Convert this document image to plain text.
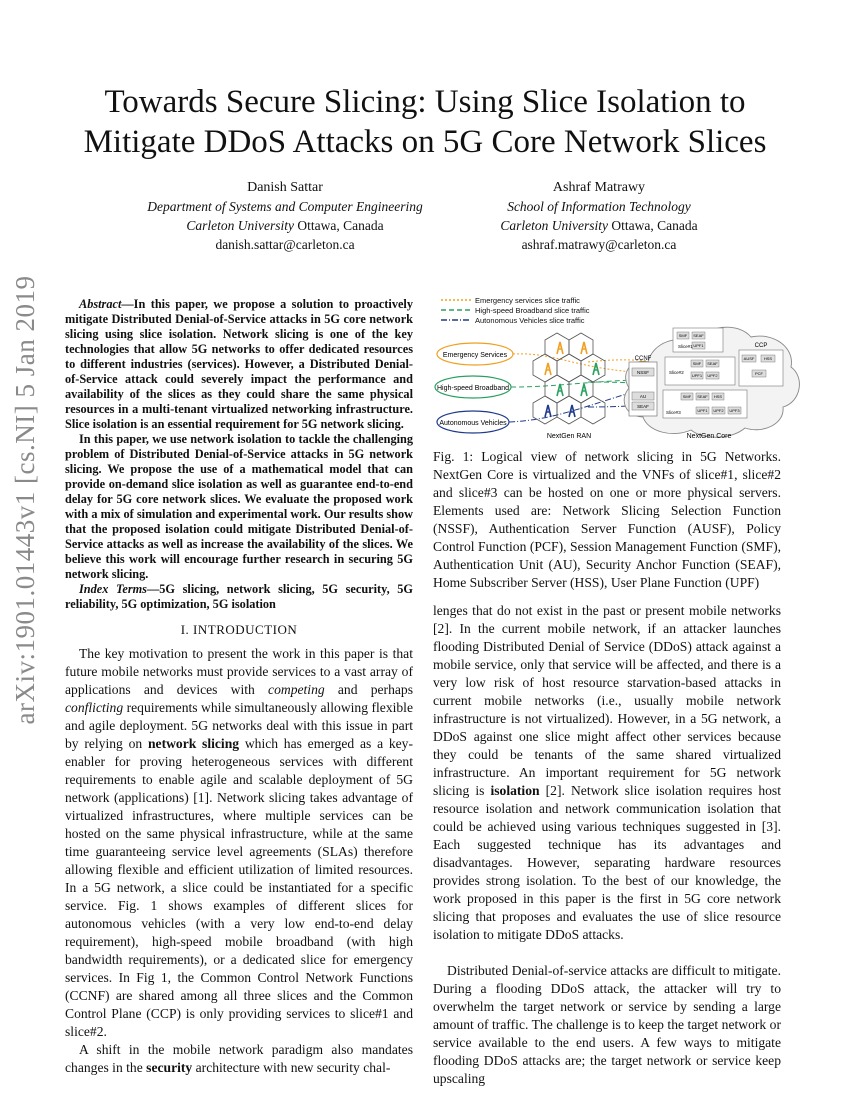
arXiv:1901.01443v1 [cs.NI] 5 Jan 2019
Towards Secure Slicing: Using Slice Isolation to
Mitigate DDoS Attacks on 5G Core Network Slices
Danish Sattar
Department of Systems and Computer Engineering
Carleton University Ottawa, Canada
danish.sattar@carleton.ca
Ashraf Matrawy
School of Information Technology
Carleton University Ottawa, Canada
ashraf.matrawy@carleton.ca

Abstract—In this paper, we propose a solution to proactively mitigate Distributed Denial-of-Service attacks in 5G core network slicing using slice isolation. Network slicing is one of the key technologies that allow 5G networks to offer dedicated resources to different industries (services). However, a Distributed Denial-of-Service attack could severely impact the performance and availability of the slices as they could share the same physical resources in a multi-tenant virtualized networking infrastructure. Slice isolation is an essential requirement for 5G network slicing.

In this paper, we use network isolation to tackle the challenging problem of Distributed Denial-of-Service attacks in 5G network slicing. We propose the use of a mathematical model that can provide on-demand slice isolation as well as guarantee end-to-end delay for 5G core network slices. We evaluate the proposed work with a mix of simulation and experimental work. Our results show that the proposed isolation could mitigate Distributed Denial-of-Service attacks as well as increase the availability of the slices. We believe this work will encourage further research in securing 5G network slicing.

Index Terms—5G slicing, network slicing, 5G security, 5G reliability, 5G optimization, 5G isolation

I. INTRODUCTION

The key motivation to present the work in this paper is that future mobile networks must provide services to a vast array of applications and devices with competing and perhaps conflicting requirements while simultaneously allowing flexible and agile deployment. 5G networks deal with this issue in part by relying on network slicing which has emerged as a key-enabler for proving heterogeneous services with different requirements to enable agile and scalable deployment of 5G network (applications) [1]. Network slicing takes advantage of virtualized infrastructures, where multiple services can be hosted on the same physical infrastructure, while at the same time guaranteeing service level agreements (SLAs) therefore allowing flexible and efficient utilization of limited resources. In a 5G network, a slice could be instantiated for a specific service. Fig. 1 shows examples of different slices for autonomous vehicles (with a very low end-to-end delay requirement), high-speed mobile broadband (with high bandwidth requirements), or a dedicated slice for emergency services. In Fig 1, the Common Control Network Functions (CCNF) are shared among all three slices and the Common Control Plane (CCP) is only providing services to slice#1 and slice#2.

A shift in the mobile network paradigm also mandates changes in the security architecture with new security chal-

Emergency services slice traffic
High-speed Broadband slice traffic
Autonomous Vehicles slice traffic
Emergency Services
High-speed Broadband
Autonomous Vehicles
NextGen RAN
CCNF
NSSF
AU
SEAF
SMF SEAF
UPF1
Slice#1
Slice#2
SMF SEAF
UPF1 UPF2
Slice#3
SMF SEAF HSS
UPF1 UPF2 UPF3
CCP
AUSF HSS
PCF
NextGen Core

Fig. 1: Logical view of network slicing in 5G Networks. NextGen Core is virtualized and the VNFs of slice#1, slice#2 and slice#3 can be hosted on one or more physical servers. Elements used are: Network Slicing Selection Function (NSSF), Authentication Server Function (AUSF), Policy Control Function (PCF), Session Management Function (SMF), Authentication Unit (AU), Security Anchor Function (SEAF), Home Subscriber Server (HSS), User Plane Function (UPF)

lenges that do not exist in the past or present mobile networks [2]. In the current mobile network, if an attacker launches flooding Distributed Denial of Service (DDoS) attack against a mobile service, only that service will be affected, and there is a very low risk of host resource starvation-based attacks in current mobile networks (i.e., usually mobile network infrastructure is not virtualized). However, in a 5G network, a DDoS against one slice might affect other services because they could be tenants of the same shared virtualized infrastructure. An important requirement for 5G network slicing is isolation [2]. Network slice isolation requires host resource isolation and network communication isolation that could be achieved using various techniques suggested in [3]. Each suggested technique has its advantages and disadvantages. However, separating hardware resources provides strong isolation. To the best of our knowledge, the work proposed in this paper is the first in 5G core network slicing that proposes and evaluates the use of slice resource isolation to mitigate DDoS attacks.

Distributed Denial-of-service attacks are difficult to mitigate. During a flooding DDoS attack, the attacker will try to overwhelm the target network or service by sending a large amount of traffic. The challenge is to keep the target network or service available to the end users. A few ways to mitigate flooding DDoS attacks are; the target network or service keep upscaling
